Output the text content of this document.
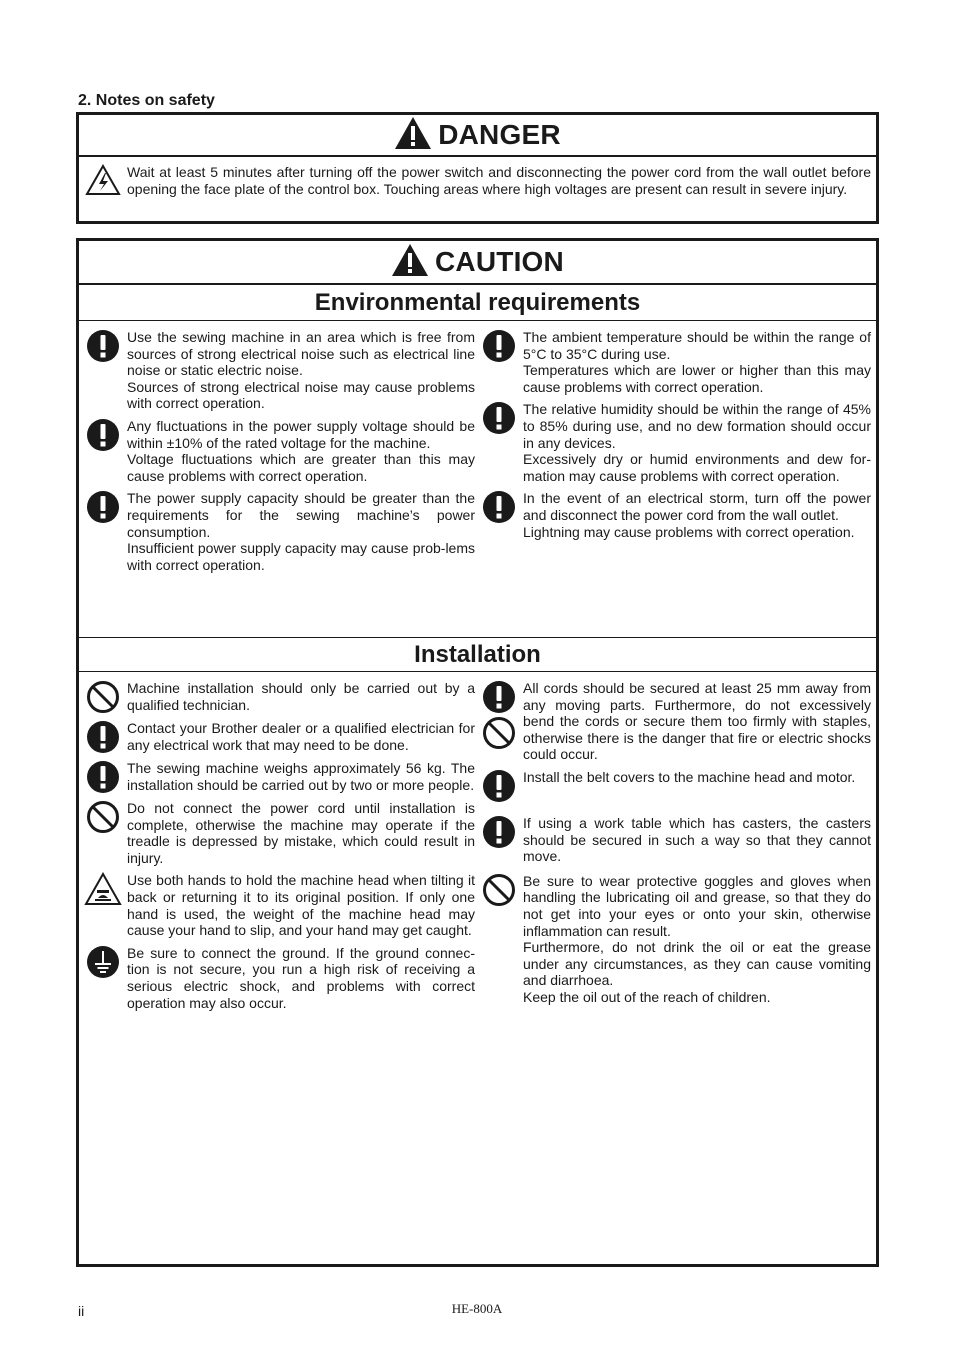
2. Notes on safety
DANGER

Wait at least 5 minutes after turning off the power switch and disconnecting the power cord from the wall outlet before opening the face plate of the control box. Touching areas where high voltages are present can result in severe injury.

CAUTION
Environmental requirements

Use the sewing machine in an area which is free from sources of strong electrical noise such as electrical line noise or static electric noise.

Sources of strong electrical noise may cause problems with correct operation.

Any fluctuations in the power supply voltage should be within ±10% of the rated voltage for the machine.

Voltage fluctuations which are greater than this may cause problems with correct operation.

The power supply capacity should be greater than the requirements for the sewing machine’s power consumption.

Insufficient power supply capacity may cause prob-lems with correct operation.

The ambient temperature should be within the range of 5°C to 35°C during use.

Temperatures which are lower or higher than this may cause problems with correct operation.

The relative humidity should be within the range of 45% to 85% during use, and no dew formation should occur in any devices.

Excessively dry or humid environments and dew for-mation may cause problems with correct operation.

In the event of an electrical storm, turn off the power and disconnect the power cord from the wall outlet.

Lightning may cause problems with correct operation.

Installation

Machine installation should only be carried out by a qualified technician.

Contact your Brother dealer or a qualified electrician for any electrical work that may need to be done.

The sewing machine weighs approximately 56 kg. The installation should be carried out by two or more people.

Do not connect the power cord until installation is complete, otherwise the machine may operate if the treadle is depressed by mistake, which could result in injury.

Use both hands to hold the machine head when tilting it back or returning it to its original position. If only one hand is used, the weight of the machine head may cause your hand to slip, and your hand may get caught.

Be sure to connect the ground. If the ground connec-tion is not secure, you run a high risk of receiving a serious electric shock, and problems with correct operation may also occur.

All cords should be secured at least 25 mm away from any moving parts. Furthermore, do not excessively bend the cords or secure them too firmly with staples, otherwise there is the danger that fire or electric shocks could occur.

Install the belt covers to the machine head and motor.

If using a work table which has casters, the casters should be secured in such a way so that they cannot move.

Be sure to wear protective goggles and gloves when handling the lubricating oil and grease, so that they do not get into your eyes or onto your skin, otherwise inflammation can result.

Furthermore, do not drink the oil or eat the grease under any circumstances, as they can cause vomiting and diarrhoea.

Keep the oil out of the reach of children.

ii	HE-800A
